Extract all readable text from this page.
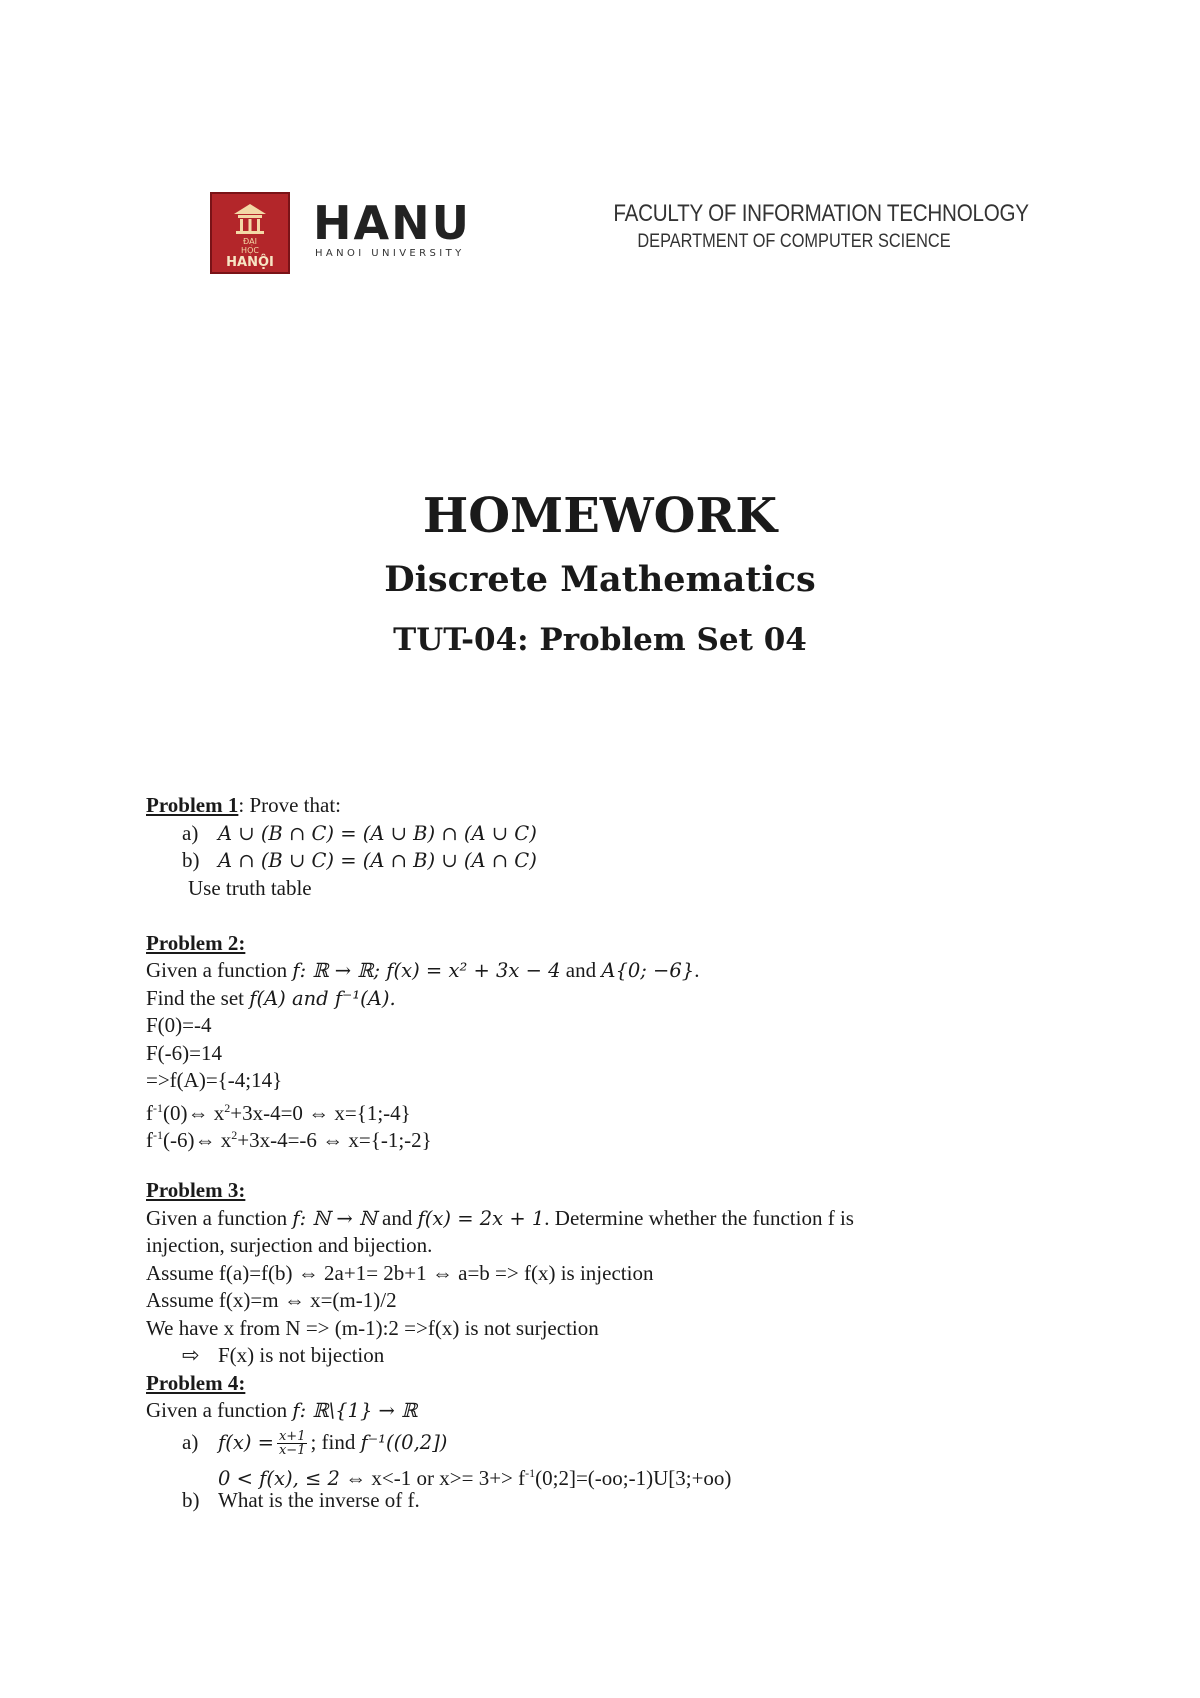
ĐẠI
HỌC
HANỘI
HANU
HANOI UNIVERSITY
FACULTY OF INFORMATION TECHNOLOGY
DEPARTMENT OF COMPUTER SCIENCE
HOMEWORK
Discrete Mathematics
TUT-04: Problem Set 04
Problem 1: Prove that:
a) A ∪ (B ∩ C) = (A ∪ B) ∩ (A ∪ C)
b) A ∩ (B ∪ C) = (A ∩ B) ∪ (A ∩ C)
Use truth table
Problem 2:
Given a function f: ℝ → ℝ; f(x) = x² + 3x − 4 and A{0; −6}.
Find the set f(A) and f⁻¹(A).
F(0)=-4
F(-6)=14
=>f(A)={-4;14}
$f^{-1}(0)\Leftrightarrow$ $x^2+3x-4=0$ ⇔ x={1;-4}
$f^{-1}(-6)\Leftrightarrow$ $x^2+3x-4=-6$ ⇔ x={-1;-2}
Problem 3:
Given a function f: ℕ → ℕ and f(x) = 2x + 1. Determine whether the function f is
injection, surjection and bijection.
Assume f(a)=f(b) ⇔ 2a+1= 2b+1 ⇔ a=b => f(x) is injection
Assume f(x)=m ⇔ x=(m-1)/2
We have x from N => (m-1):2 =>f(x) is not surjection
⇨ F(x) is not bijection
Problem 4:
Given a function f: ℝ\{1} → ℝ
a) $f(x) = \frac{x+1}{x-1}$ ; find f⁻¹((0,2])
0 < f(x), ≤ 2 ⇔ x<-1 or $x>= 3+> f^{-1}(0;2]=(-oo;-1)U[3;+oo)$
b) What is the inverse of f.
